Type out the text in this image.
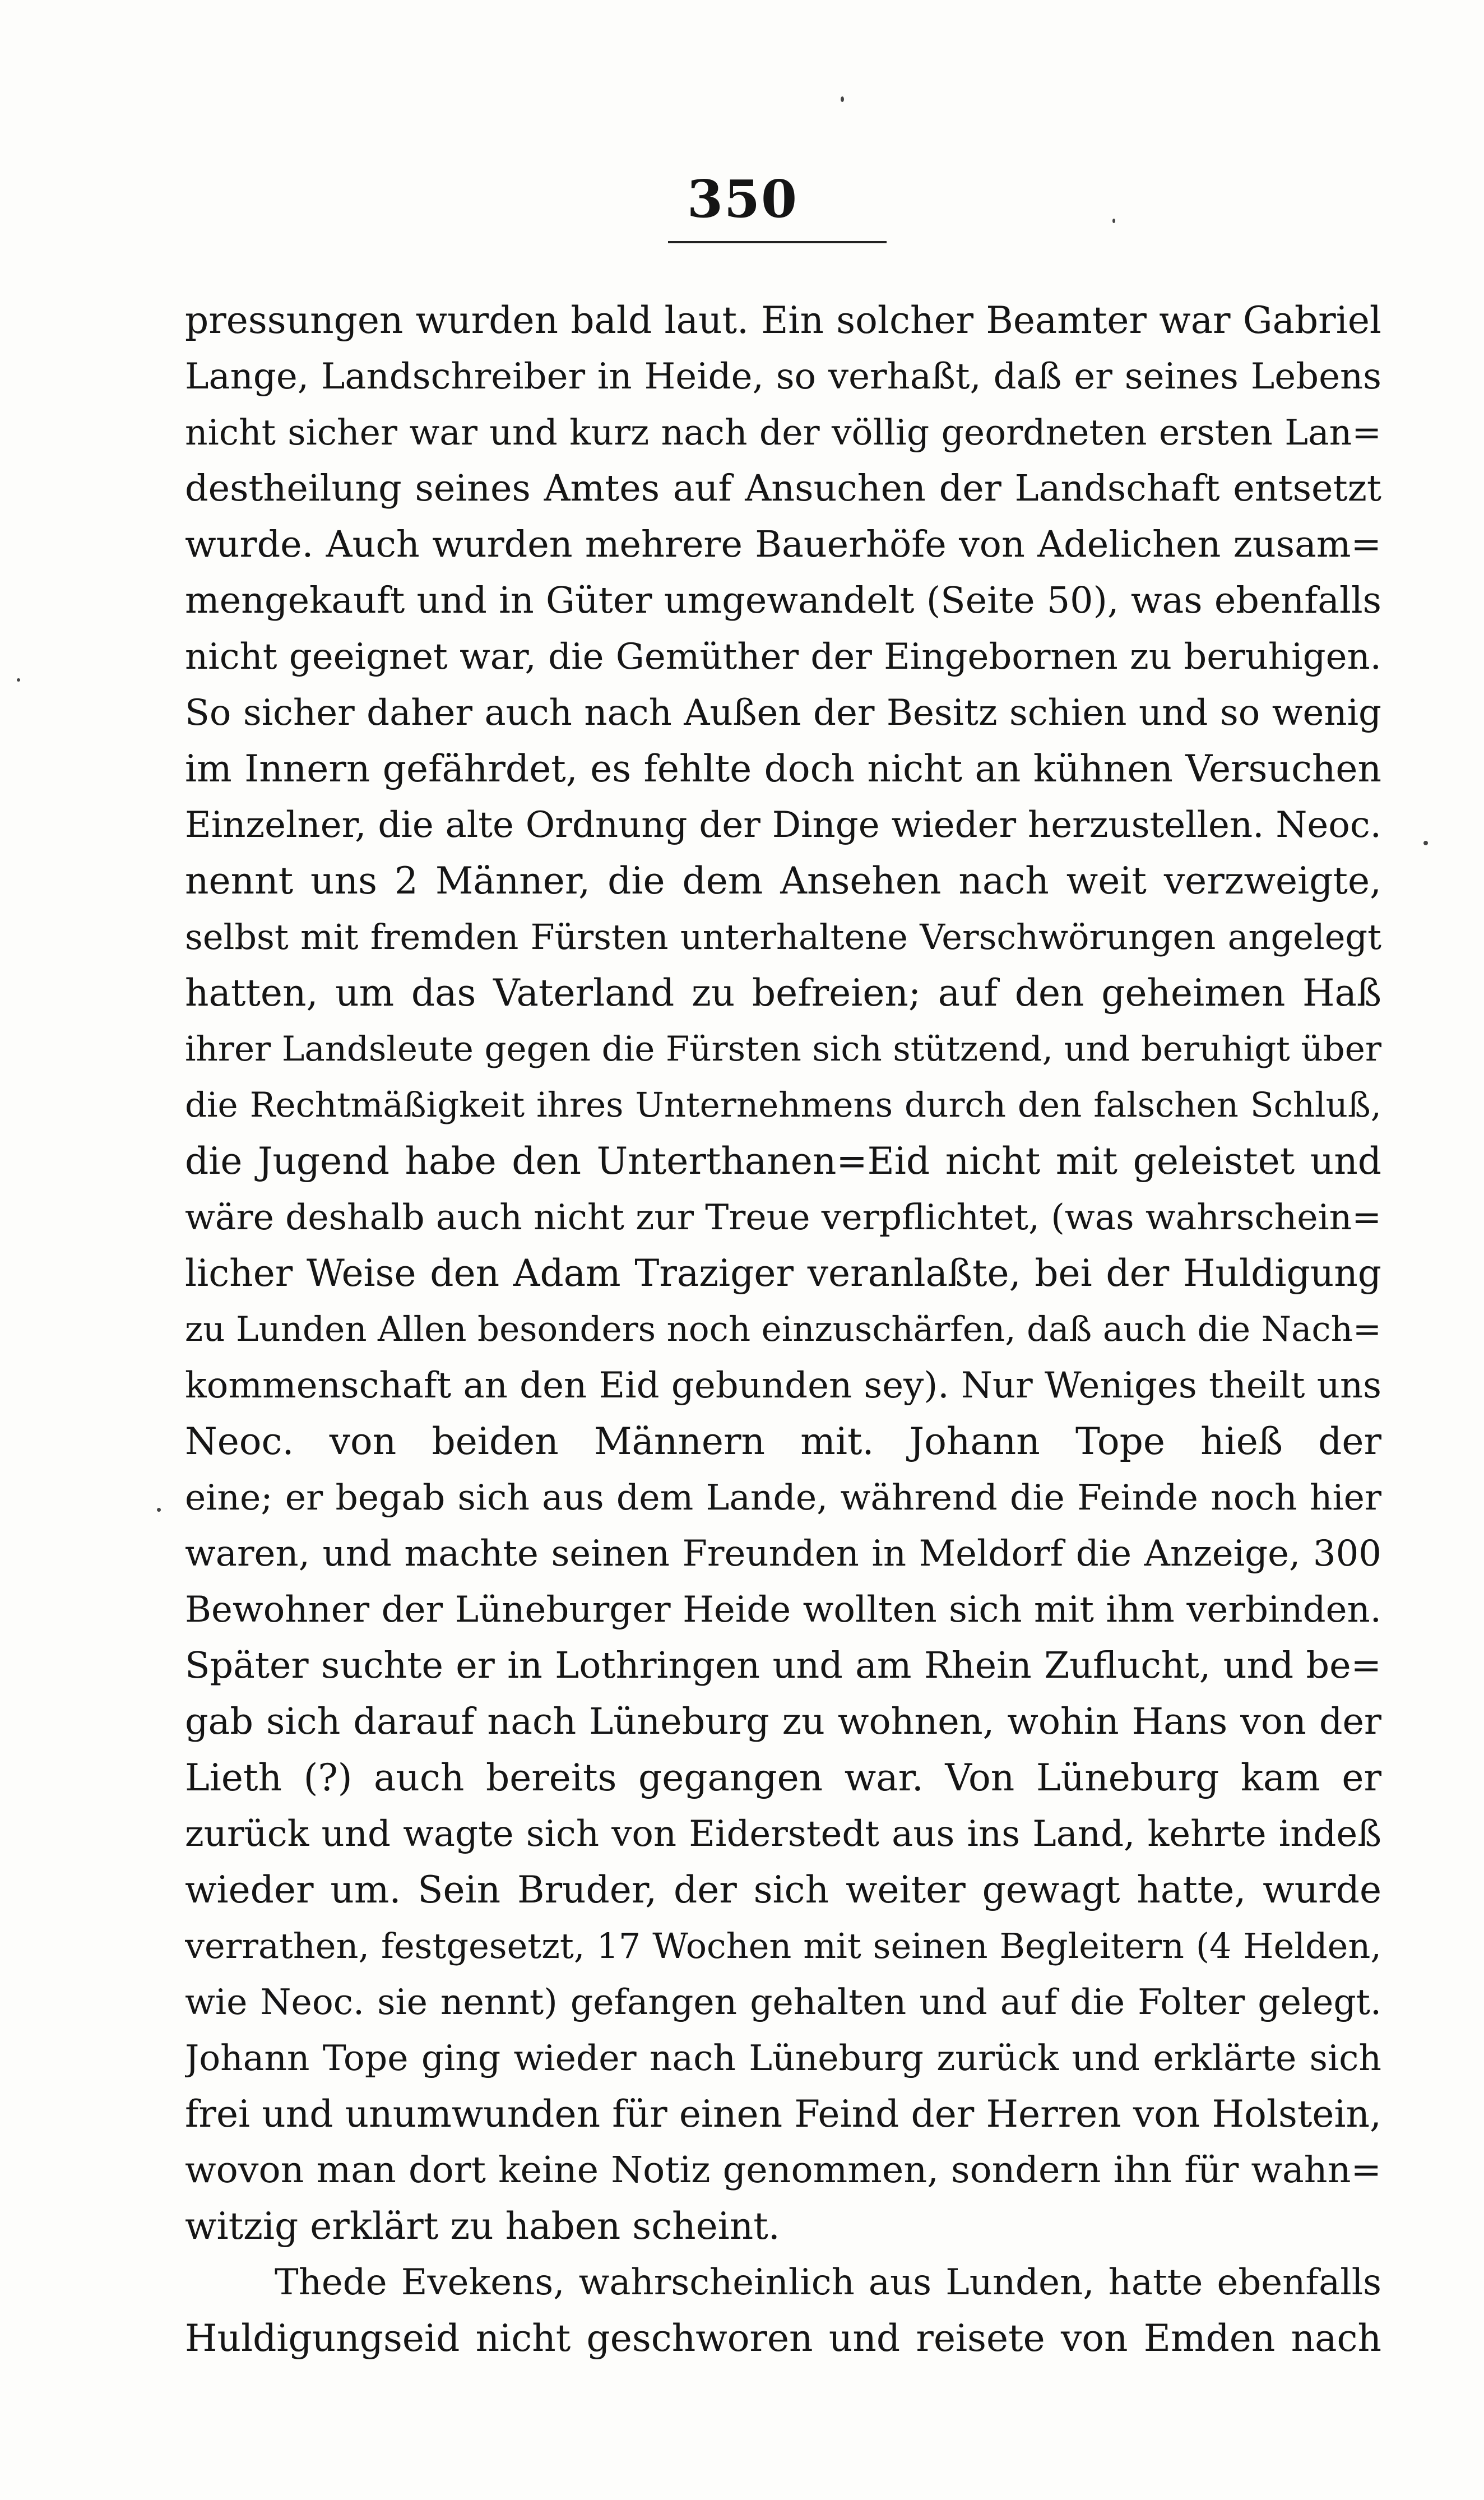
350
pressungen wurden bald laut. Ein solcher Beamter war Gabriel
Lange, Landschreiber in Heide, so verhaßt, daß er seines Lebens
nicht sicher war und kurz nach der völlig geordneten ersten Lan=
destheilung seines Amtes auf Ansuchen der Landschaft entsetzt
wurde. Auch wurden mehrere Bauerhöfe von Adelichen zusam=
mengekauft und in Güter umgewandelt (Seite 50), was ebenfalls
nicht geeignet war, die Gemüther der Eingebornen zu beruhigen.
So sicher daher auch nach Außen der Besitz schien und so wenig
im Innern gefährdet, es fehlte doch nicht an kühnen Versuchen
Einzelner, die alte Ordnung der Dinge wieder herzustellen. Neoc.
nennt uns 2 Männer, die dem Ansehen nach weit verzweigte,
selbst mit fremden Fürsten unterhaltene Verschwörungen angelegt
hatten, um das Vaterland zu befreien; auf den geheimen Haß
ihrer Landsleute gegen die Fürsten sich stützend, und beruhigt über
die Rechtmäßigkeit ihres Unternehmens durch den falschen Schluß,
die Jugend habe den Unterthanen=Eid nicht mit geleistet und
wäre deshalb auch nicht zur Treue verpflichtet, (was wahrschein=
licher Weise den Adam Traziger veranlaßte, bei der Huldigung
zu Lunden Allen besonders noch einzuschärfen, daß auch die Nach=
kommenschaft an den Eid gebunden sey). Nur Weniges theilt uns
Neoc. von beiden Männern mit. Johann Tope hieß der
eine; er begab sich aus dem Lande, während die Feinde noch hier
waren, und machte seinen Freunden in Meldorf die Anzeige, 300
Bewohner der Lüneburger Heide wollten sich mit ihm verbinden.
Später suchte er in Lothringen und am Rhein Zuflucht, und be=
gab sich darauf nach Lüneburg zu wohnen, wohin Hans von der
Lieth (?) auch bereits gegangen war. Von Lüneburg kam er
zurück und wagte sich von Eiderstedt aus ins Land, kehrte indeß
wieder um. Sein Bruder, der sich weiter gewagt hatte, wurde
verrathen, festgesetzt, 17 Wochen mit seinen Begleitern (4 Helden,
wie Neoc. sie nennt) gefangen gehalten und auf die Folter gelegt.
Johann Tope ging wieder nach Lüneburg zurück und erklärte sich
frei und unumwunden für einen Feind der Herren von Holstein,
wovon man dort keine Notiz genommen, sondern ihn für wahn=
witzig erklärt zu haben scheint.
Thede Evekens, wahrscheinlich aus Lunden, hatte ebenfalls
Huldigungseid nicht geschworen und reisete von Emden nach
